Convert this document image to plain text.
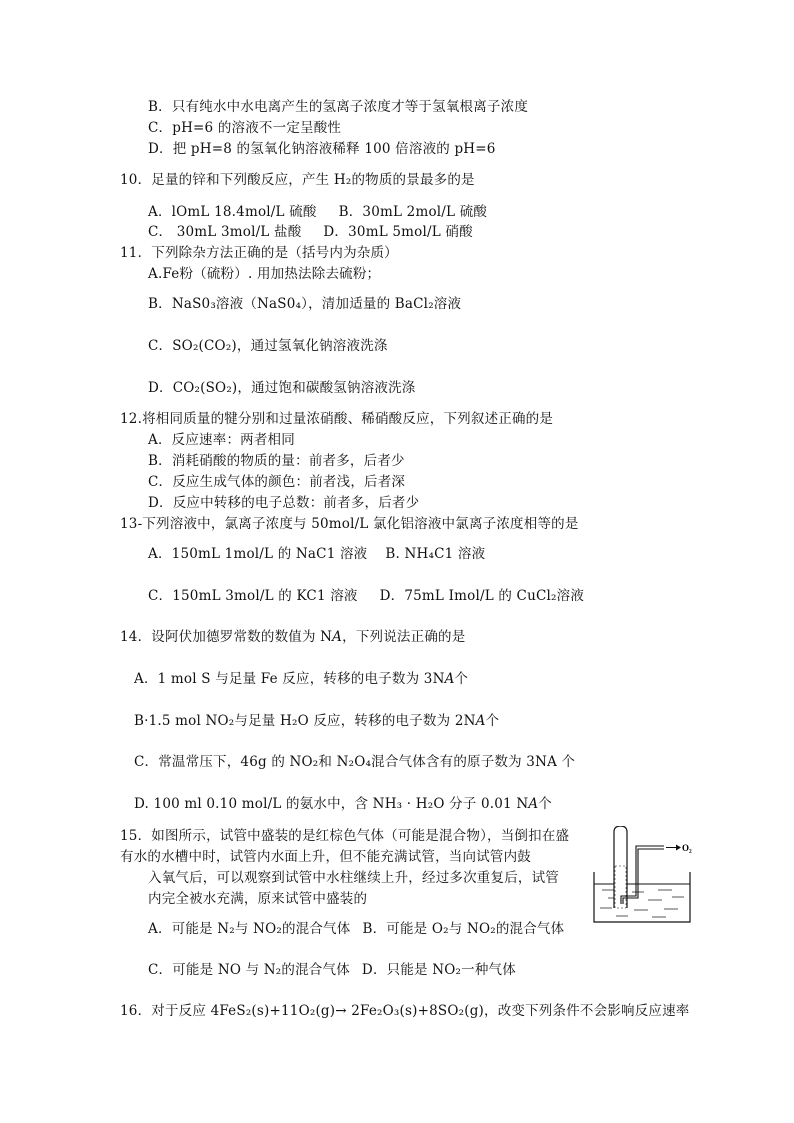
B．只有纯水中水电离产生的氢离子浓度才等于氢氧根离子浓度
C．pH=6 的溶液不一定呈酸性
D．把 pH=8 的氢氧化钠溶液稀释 100 倍溶液的 pH=6
10．足量的锌和下列酸反应，产生 H₂的物质的景最多的是
A．lOmL 18.4mol/L 硫酸 B．30mL 2mol/L 硫酸
C． 30mL 3mol/L 盐酸 D．30mL 5mol/L 硝酸
11．下列除杂方法正确的是（括号内为杂质）
A.Fe粉（硫粉）. 用加热法除去硫粉；
B．NaS0₃溶液（NaS0₄），清加适量的 BaCl₂溶液
C．SO₂(CO₂)，通过氢氧化钠溶液洗涤
D．CO₂(SO₂)，通过饱和碳酸氢钠溶液洗涤
12.将相同质量的犍分别和过量浓硝酸、稀硝酸反应，下列叙述正确的是
A．反应速率：两者相同
B．消耗硝酸的物质的量：前者多，后者少
C．反应生成气体的颜色：前者浅，后者深
D．反应中转移的电子总数：前者多，后者少
13-下列溶液中，氯离子浓度与 50mol/L 氯化铝溶液中氯离子浓度相等的是
A．150mL 1mol/L 的 NaC1 溶液 B. NH₄C1 溶液
C．150mL 3mol/L 的 KC1 溶液 D．75mL Imol/L 的 CuCl₂溶液
14．设阿伏加德罗常数的数值为 N𝐴，下列说法正确的是
A．1 mol S 与足量 Fe 反应，转移的电子数为 3N𝐴个
B·1.5 mol NO₂与足量 H₂O 反应，转移的电子数为 2N𝐴个
C．常温常压下，46g 的 NO₂和 N₂O₄混合气体含有的原子数为 3NA 个
D. 100 ml 0.10 mol/L 的氨水中，含 NH₃ · H₂O 分子 0.01 N𝐴个
15．如图所示，试管中盛装的是红棕色气体（可能是混合物），当倒扣在盛
有水的水槽中时，试管内水面上升，但不能充满试管，当向试管内鼓
入氧气后，可以观察到试管中水柱继续上升，经过多次重复后，试管
内完全被水充满，原来试管中盛装的
A．可能是 N₂与 NO₂的混合气体 B．可能是 O₂与 NO₂的混合气体
C．可能是 NO 与 N₂的混合气体 D．只能是 NO₂一种气体
O₂
16．对于反应 4FeS₂(s)+11O₂(g)→ 2Fe₂O₃(s)+8SO₂(g)，改变下列条件不会影响反应速率
